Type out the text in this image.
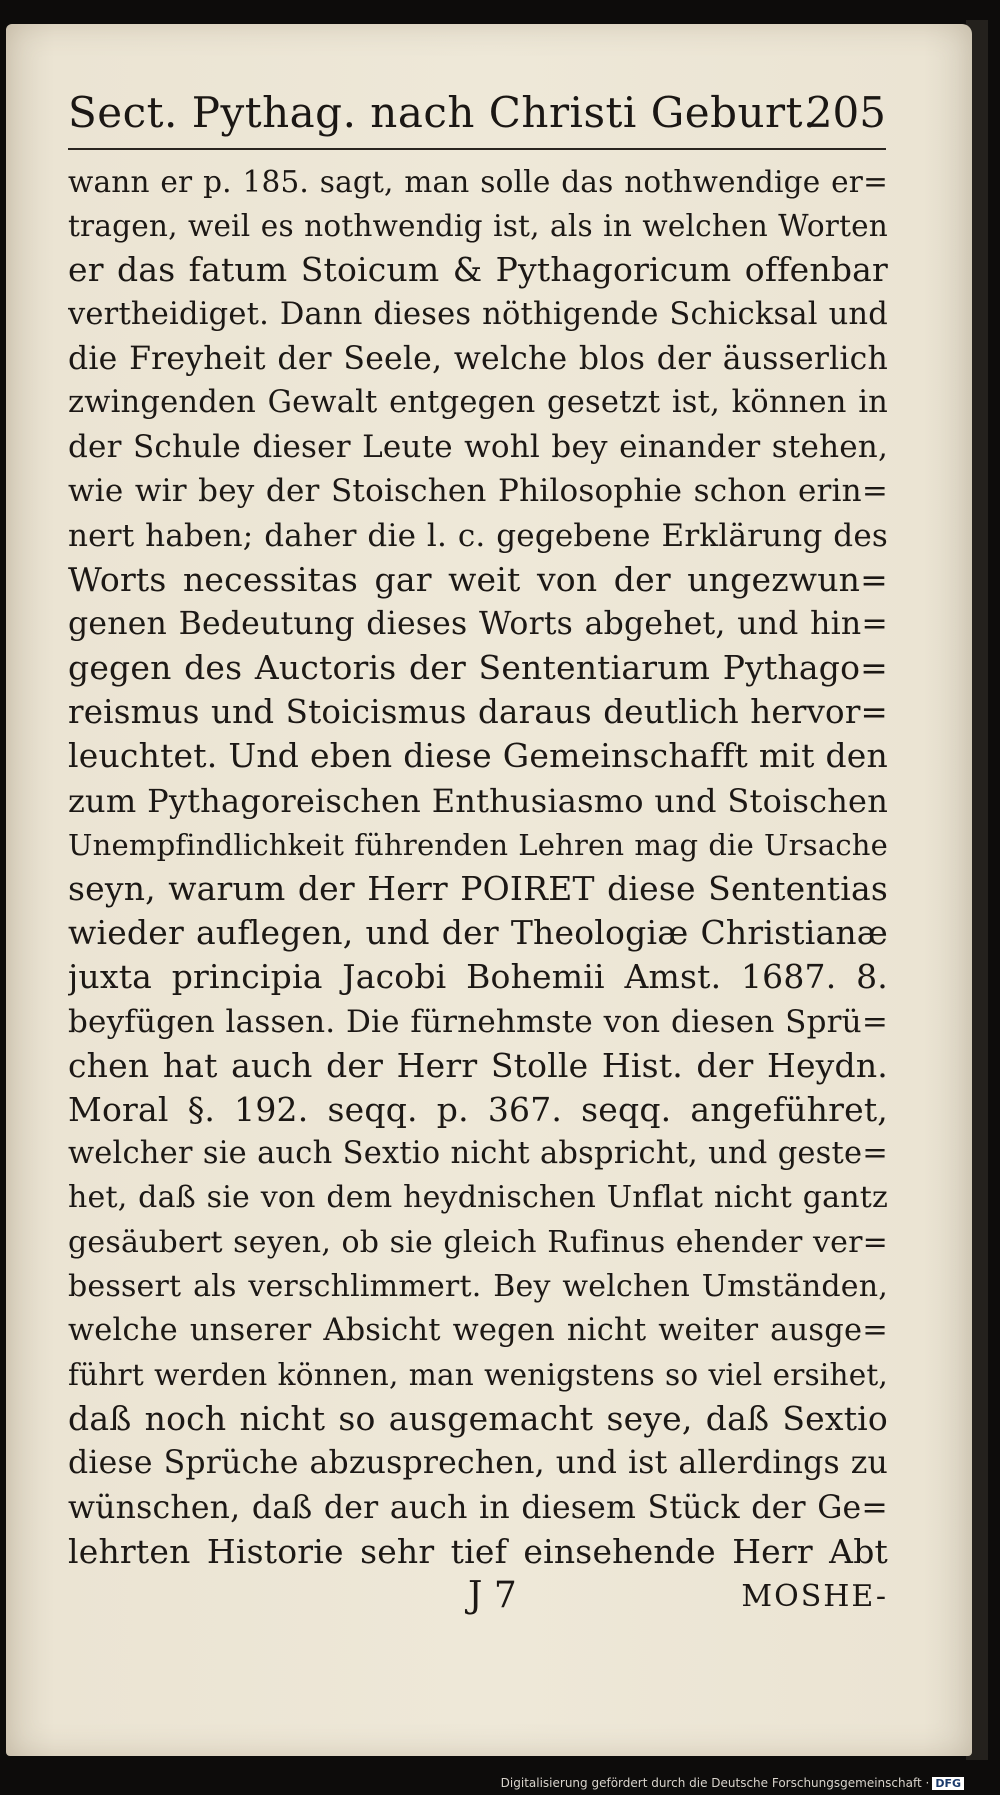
Sect. Pythag. nach Christi Geburt.
205
wann er p. 185. sagt, man solle das nothwendige er=
tragen, weil es nothwendig ist, als in welchen Worten
er das fatum Stoicum & Pythagoricum offenbar
vertheidiget. Dann dieses nöthigende Schicksal und
die Freyheit der Seele, welche blos der äusserlich
zwingenden Gewalt entgegen gesetzt ist, können in
der Schule dieser Leute wohl bey einander stehen,
wie wir bey der Stoischen Philosophie schon erin=
nert haben; daher die l. c. gegebene Erklärung des
Worts necessitas gar weit von der ungezwun=
genen Bedeutung dieses Worts abgehet, und hin=
gegen des Auctoris der Sententiarum Pythago=
reismus und Stoicismus daraus deutlich hervor=
leuchtet. Und eben diese Gemeinschafft mit den
zum Pythagoreischen Enthusiasmo und Stoischen
Unempfindlichkeit führenden Lehren mag die Ursache
seyn, warum der Herr POIRET diese Sententias
wieder auflegen, und der Theologiæ Christianæ
juxta principia Jacobi Bohemii Amst. 1687. 8.
beyfügen lassen. Die fürnehmste von diesen Sprü=
chen hat auch der Herr Stolle Hist. der Heydn.
Moral §. 192. seqq. p. 367. seqq. angeführet,
welcher sie auch Sextio nicht abspricht, und geste=
het, daß sie von dem heydnischen Unflat nicht gantz
gesäubert seyen, ob sie gleich Rufinus ehender ver=
bessert als verschlimmert. Bey welchen Umständen,
welche unserer Absicht wegen nicht weiter ausge=
führt werden können, man wenigstens so viel ersihet,
daß noch nicht so ausgemacht seye, daß Sextio
diese Sprüche abzusprechen, und ist allerdings zu
wünschen, daß der auch in diesem Stück der Ge=
lehrten Historie sehr tief einsehende Herr Abt
J 7	MOSHE-
Digitalisierung gefördert durch die Deutsche Forschungsgemeinschaft · DFG
